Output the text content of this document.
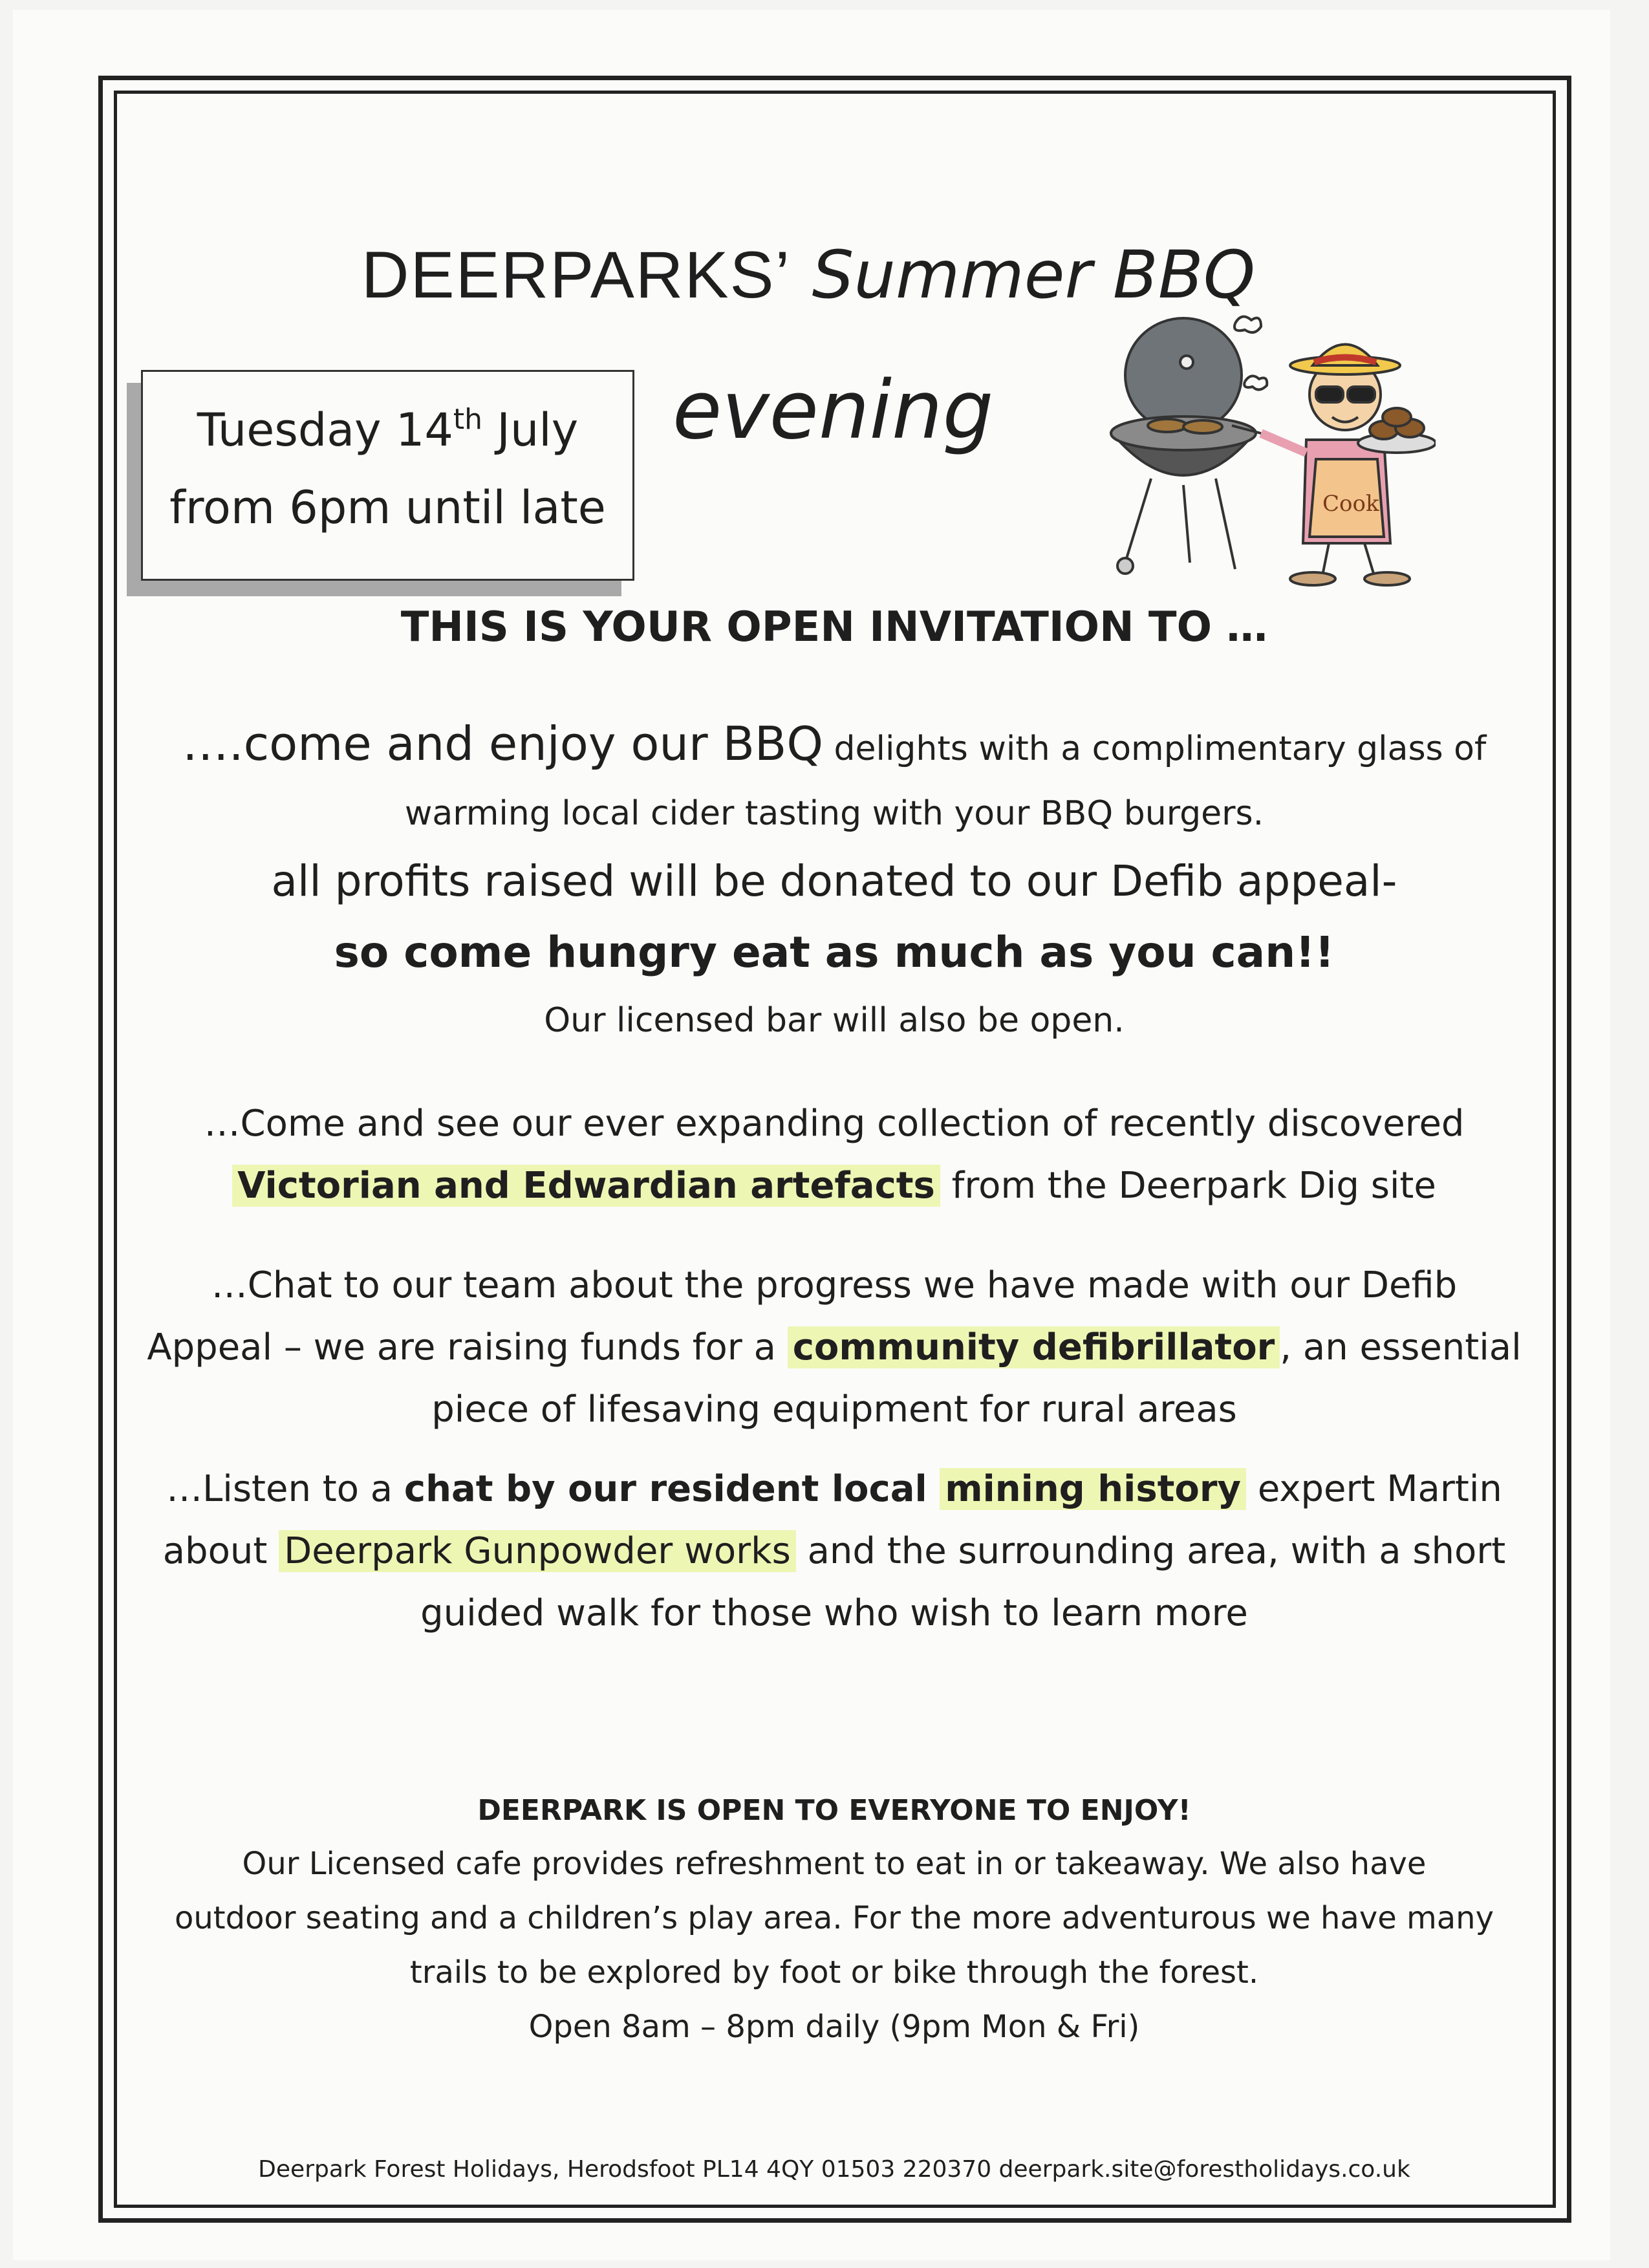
DEERPARKS’ Summer BBQ
evening
Tuesday 14th July
from 6pm until late	Cook
THIS IS YOUR OPEN INVITATION TO …
….come and enjoy our BBQ delights with a complimentary glass of
warming local cider tasting with your BBQ burgers.
all profits raised will be donated to our Defib appeal-
so come hungry eat as much as you can!!
Our licensed bar will also be open.
…Come and see our ever expanding collection of recently discovered
Victorian and Edwardian artefacts from the Deerpark Dig site
…Chat to our team about the progress we have made with our Defib
Appeal – we are raising funds for a community defibrillator , an essential
piece of lifesaving equipment for rural areas
…Listen to a chat by our resident local mining history expert Martin
about Deerpark Gunpowder works and the surrounding area, with a short
guided walk for those who wish to learn more
DEERPARK IS OPEN TO EVERYONE TO ENJOY!
Our Licensed cafe provides refreshment to eat in or takeaway. We also have
outdoor seating and a children’s play area. For the more adventurous we have many
trails to be explored by foot or bike through the forest.
Open 8am – 8pm daily (9pm Mon & Fri)
Deerpark Forest Holidays, Herodsfoot PL14 4QY 01503 220370 deerpark.site@forestholidays.co.uk
